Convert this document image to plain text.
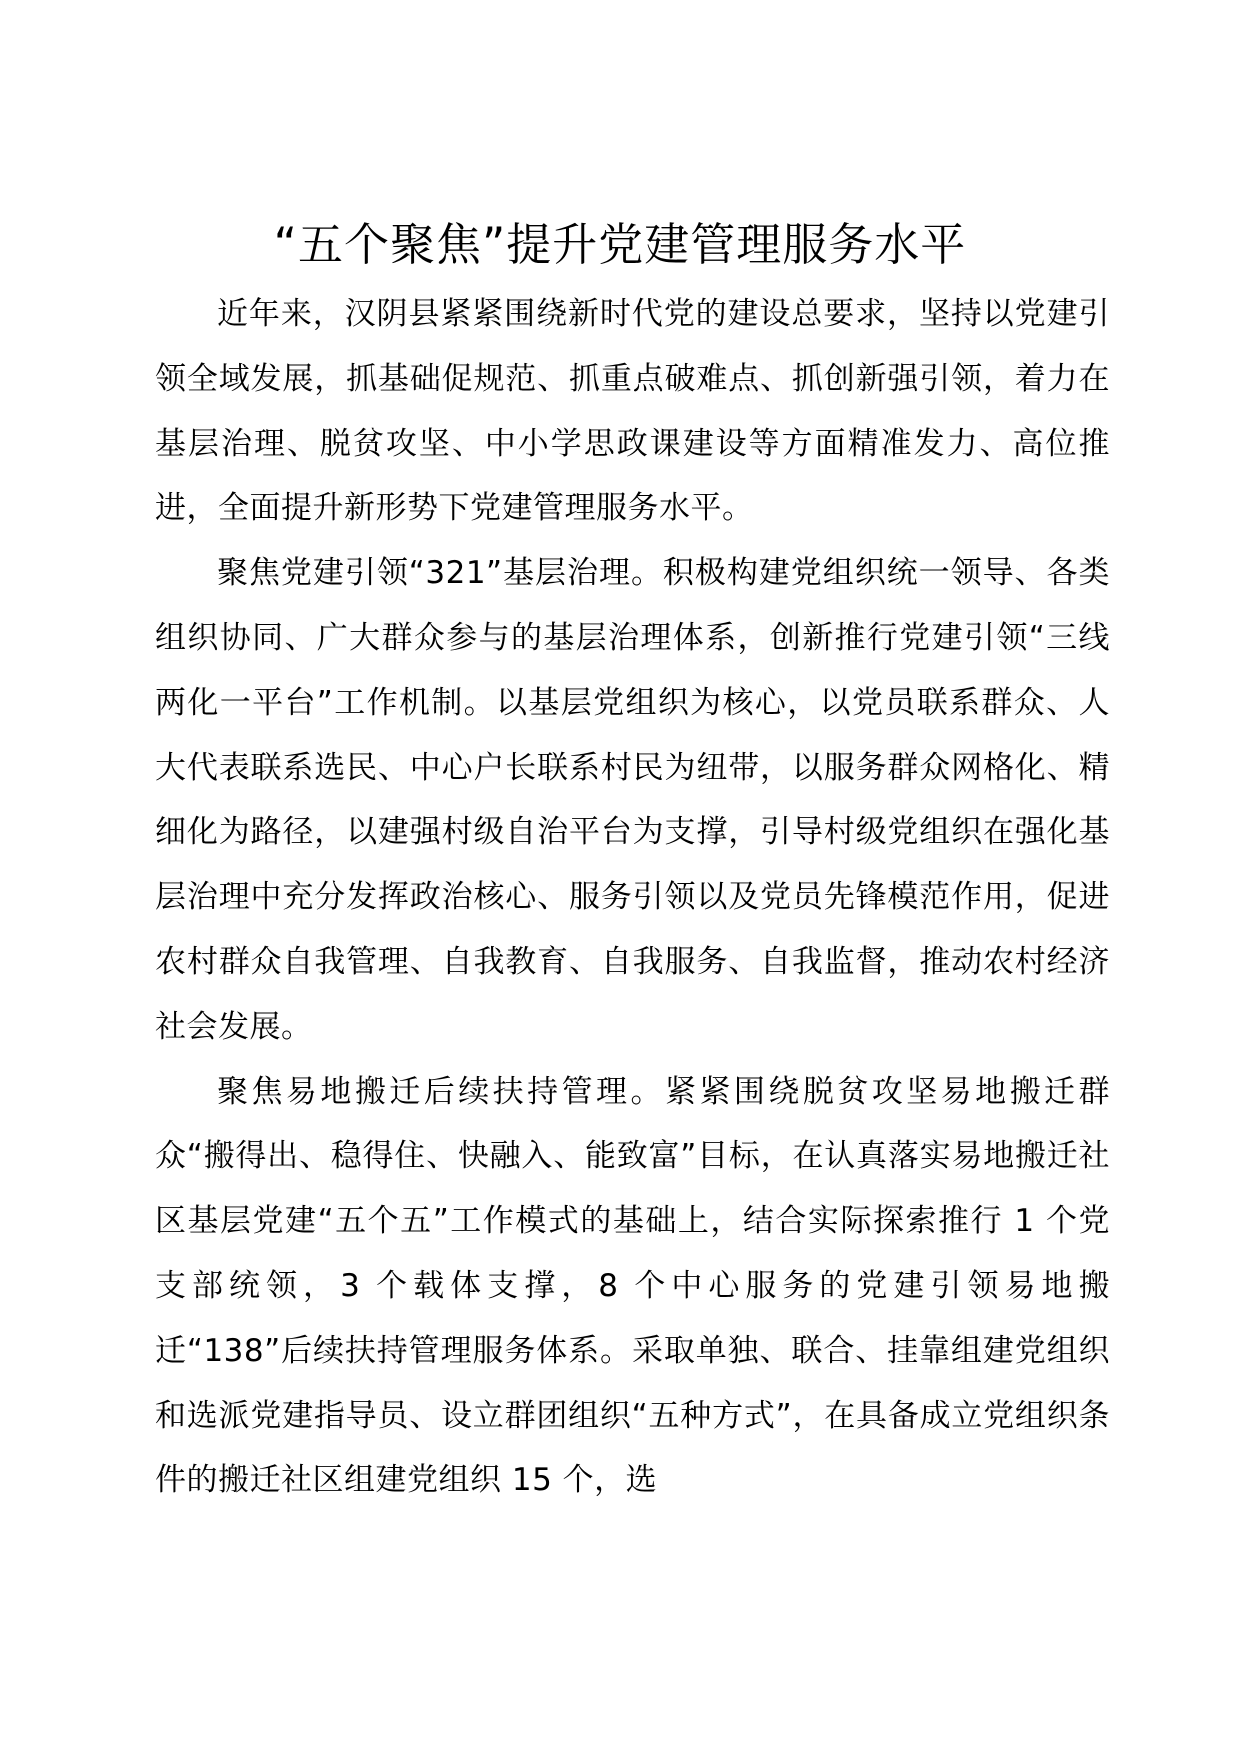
“五个聚焦”提升党建管理服务水平

近年来，汉阴县紧紧围绕新时代党的建设总要求，坚持以党建引领全域发展，抓基础促规范、抓重点破难点、抓创新强引领，着力在基层治理、脱贫攻坚、中小学思政课建设等方面精准发力、高位推进，全面提升新形势下党建管理服务水平。

聚焦党建引领“321”基层治理。积极构建党组织统一领导、各类组织协同、广大群众参与的基层治理体系，创新推行党建引领“三线两化一平台”工作机制。以基层党组织为核心，以党员联系群众、人大代表联系选民、中心户长联系村民为纽带，以服务群众网格化、精细化为路径，以建强村级自治平台为支撑，引导村级党组织在强化基层治理中充分发挥政治核心、服务引领以及党员先锋模范作用，促进农村群众自我管理、自我教育、自我服务、自我监督，推动农村经济社会发展。

聚焦易地搬迁后续扶持管理。紧紧围绕脱贫攻坚易地搬迁群众“搬得出、稳得住、快融入、能致富”目标，在认真落实易地搬迁社区基层党建“五个五”工作模式的基础上，结合实际探索推行 1 个党支部统领，3 个载体支撑，8 个中心服务的党建引领易地搬迁“138”后续扶持管理服务体系。采取单独、联合、挂靠组建党组织和选派党建指导员、设立群团组织“五种方式”，在具备成立党组织条件的搬迁社区组建党组织 15 个，选
